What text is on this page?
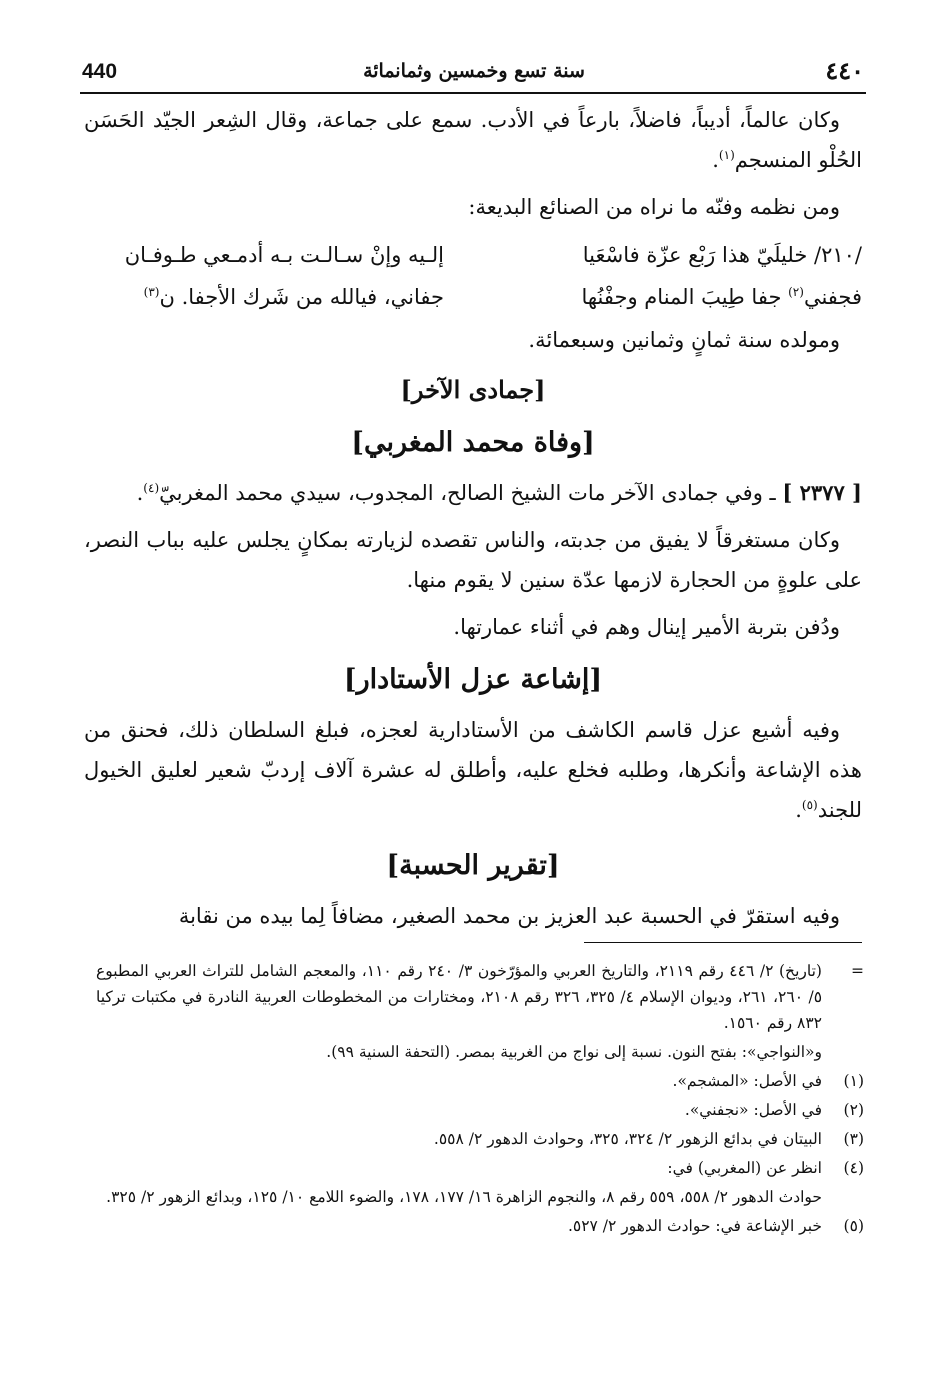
440	سنة تسع وخمسين وثمانمائة	٤٤٠

وكان عالماً، أديباً، فاضلاً، بارعاً في الأدب. سمع على جماعة، وقال الشِعر الجيّد الحَسَن الحُلْو المنسجم$^{(١)}$.

ومن نظمه وفنّه ما نراه من الصنائع البديعة:

/٢١٠/ خليلَيّ هذا رَبْع عزّة فاسْعَيا
إلـيه وإنْ سـالـت بـه أدمـعي طـوفـان
فجفني$^{(٢)}$ جفا طِيبَ المنام وجفْنُها
جفاني، فيالله من شَرك الأجفا. ن$^{(٣)}$

ومولده سنة ثمانٍ وثمانين وسبعمائة.

[جمادى الآخر]
[وفاة محمد المغربي]

[ ٢٣٧٧ ] ـ وفي جمادى الآخر مات الشيخ الصالح، المجدوب، سيدي محمد المغربيّ$^{(٤)}$.

وكان مستغرقاً لا يفيق من جدبته، والناس تقصده لزيارته بمكانٍ يجلس عليه بباب النصر، على علوةٍ من الحجارة لازمها عدّة سنين لا يقوم منها.

ودُفن بتربة الأمير إينال وهم في أثناء عمارتها.

[إشاعة عزل الأستادار]

وفيه أشيع عزل قاسم الكاشف من الأستادارية لعجزه، فبلغ السلطان ذلك، فحنق من هذه الإشاعة وأنكرها، وطلبه فخلع عليه، وأطلق له عشرة آلاف إردبّ شعير لعليق الخيول للجند$^{(٥)}$.

[تقرير الحسبة]

وفيه استقرّ في الحسبة عبد العزيز بن محمد الصغير، مضافاً لِما بيده من نقابة

=
(تاريخ) ٢/ ٤٤٦ رقم ٢١١٩، والتاريخ العربي والمؤرّخون ٣/ ٢٤٠ رقم ١١٠، والمعجم الشامل للتراث العربي المطبوع ٥/ ٢٦٠، ٢٦١، وديوان الإسلام ٤/ ٣٢٥، ٣٢٦ رقم ٢١٠٨، ومختارات من المخطوطات العربية النادرة في مكتبات تركيا ٨٣٢ رقم ١٥٦٠.
و«النواجي»: بفتح النون. نسبة إلى نواج من الغربية بمصر. (التحفة السنية ٩٩).
(١)
في الأصل: «المشجم».
(٢)
في الأصل: «نجفني».
(٣)
البيتان في بدائع الزهور ٢/ ٣٢٤، ٣٢٥، وحوادث الدهور ٢/ ٥٥٨.
(٤)
انظر عن (المغربي) في:
حوادث الدهور ٢/ ٥٥٨، ٥٥٩ رقم ٨، والنجوم الزاهرة ١٦/ ١٧٧، ١٧٨، والضوء اللامع ١٠/ ١٢٥، وبدائع الزهور ٢/ ٣٢٥.
(٥)
خبر الإشاعة في: حوادث الدهور ٢/ ٥٢٧.
